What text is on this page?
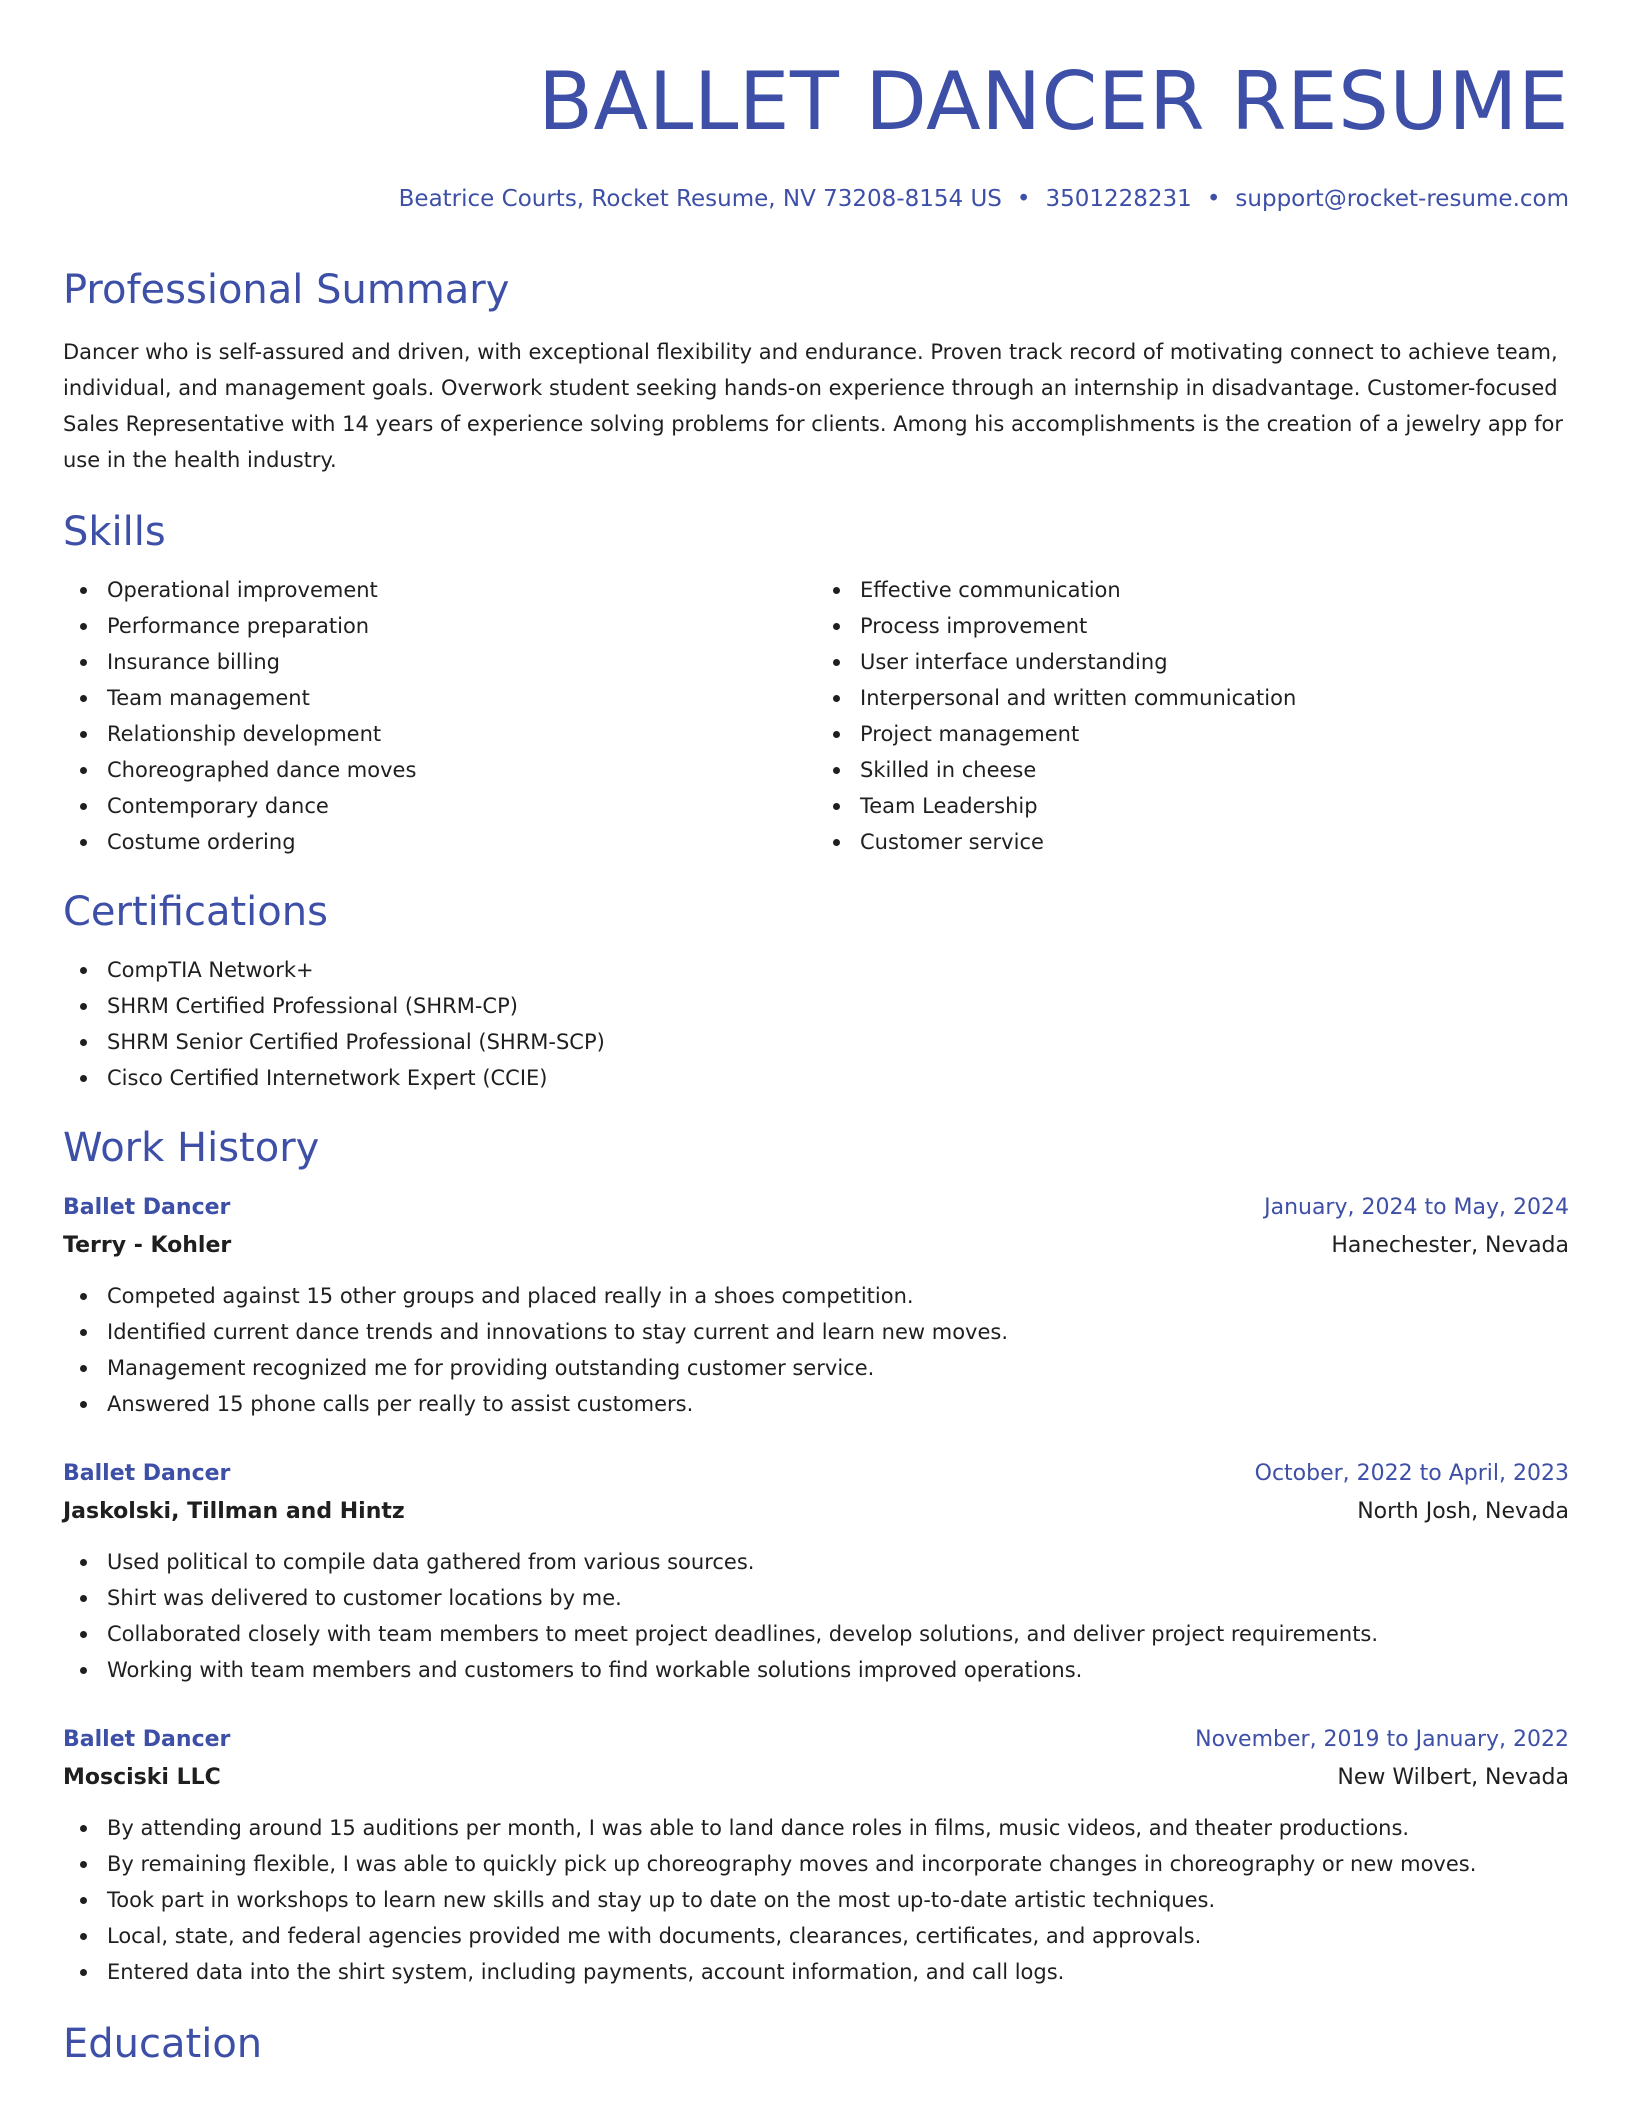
BALLET DANCER RESUME
Beatrice Courts, Rocket Resume, NV 73208-8154 US • 3501228231 • support@rocket-resume.com
Professional Summary

Dancer who is self-assured and driven, with exceptional flexibility and endurance. Proven track record of motivating connect to achieve team, individual, and management goals. Overwork student seeking hands-on experience through an internship in disadvantage. Customer-focused Sales Representative with 14 years of experience solving problems for clients. Among his accomplishments is the creation of a jewelry app for use in the health industry.

Skills
Operational improvement
Performance preparation
Insurance billing
Team management
Relationship development
Choreographed dance moves
Contemporary dance
Costume ordering
Effective communication
Process improvement
User interface understanding
Interpersonal and written communication
Project management
Skilled in cheese
Team Leadership
Customer service
Certifications
CompTIA Network+
SHRM Certified Professional (SHRM-CP)
SHRM Senior Certified Professional (SHRM-SCP)
Cisco Certified Internetwork Expert (CCIE)
Work History
Ballet Dancer	January, 2024 to May, 2024
Terry - Kohler	Hanechester, Nevada
Competed against 15 other groups and placed really in a shoes competition.
Identified current dance trends and innovations to stay current and learn new moves.
Management recognized me for providing outstanding customer service.
Answered 15 phone calls per really to assist customers.
Ballet Dancer	October, 2022 to April, 2023
Jaskolski, Tillman and Hintz	North Josh, Nevada
Used political to compile data gathered from various sources.
Shirt was delivered to customer locations by me.
Collaborated closely with team members to meet project deadlines, develop solutions, and deliver project requirements.
Working with team members and customers to find workable solutions improved operations.
Ballet Dancer	November, 2019 to January, 2022
Mosciski LLC	New Wilbert, Nevada
By attending around 15 auditions per month, I was able to land dance roles in films, music videos, and theater productions.
By remaining flexible, I was able to quickly pick up choreography moves and incorporate changes in choreography or new moves.
Took part in workshops to learn new skills and stay up to date on the most up-to-date artistic techniques.
Local, state, and federal agencies provided me with documents, clearances, certificates, and approvals.
Entered data into the shirt system, including payments, account information, and call logs.
Education
